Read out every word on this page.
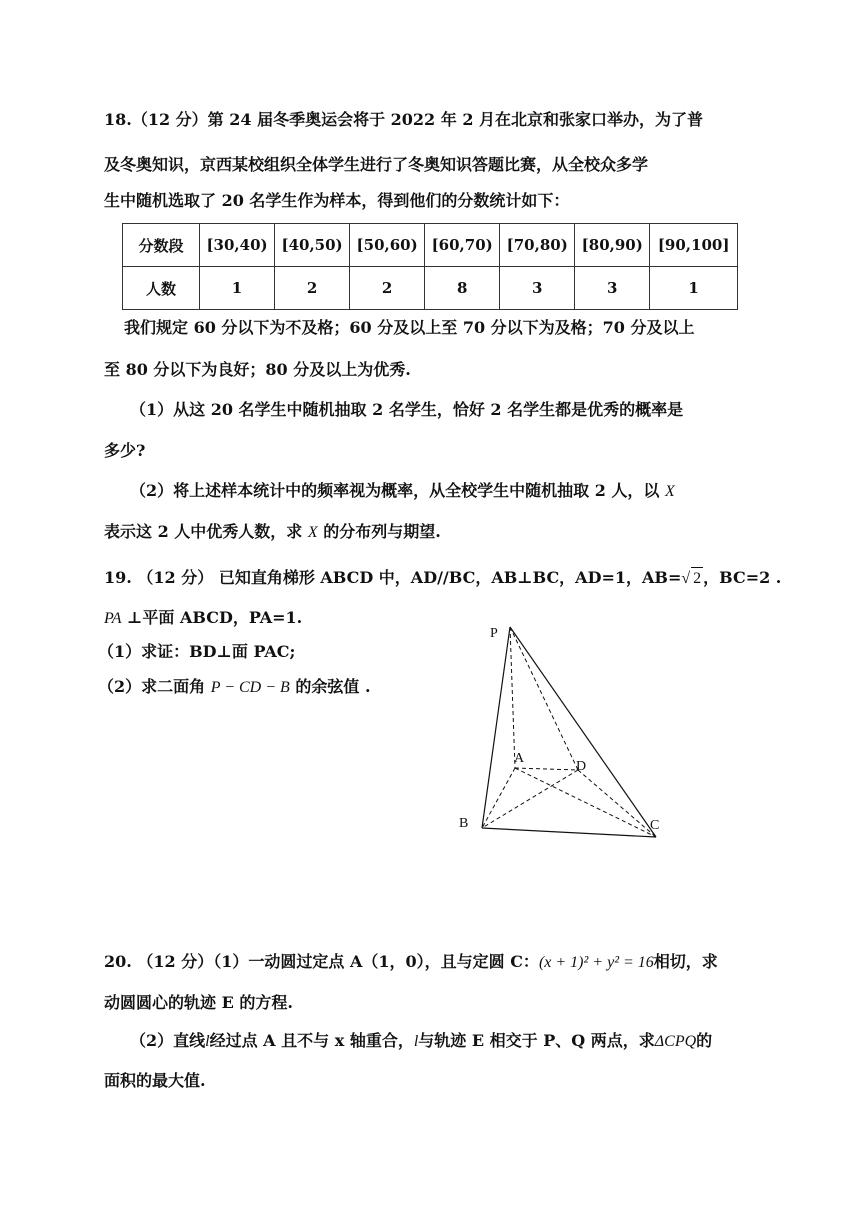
18.（12 分）第 24 届冬季奥运会将于 2022 年 2 月在北京和张家口举办，为了普
及冬奥知识，京西某校组织全体学生进行了冬奥知识答题比赛，从全校众多学
生中随机选取了 20 名学生作为样本，得到他们的分数统计如下：
分数段	[30,40)	[40,50)	[50,60)	[60,70)	[70,80)	[80,90)	[90,100]
人数	1	2	2	8	3	3	1
我们规定 60 分以下为不及格；60 分及以上至 70 分以下为及格；70 分及以上
至 80 分以下为良好；80 分及以上为优秀.
（1）从这 20 名学生中随机抽取 2 名学生，恰好 2 名学生都是优秀的概率是
多少?
（2）将上述样本统计中的频率视为概率，从全校学生中随机抽取 2 人，以 X
表示这 2 人中优秀人数，求 X 的分布列与期望.
19. （12 分） 已知直角梯形 ABCD 中，AD//BC，AB⊥BC，AD=1，AB=√ 2 ，BC=2 .
PA ⊥平面 ABCD，PA=1.
（1）求证：BD⊥面 PAC;
（2）求二面角 P − CD − B 的余弦值 .
P
A
D
B	C
20. （12 分）（1）一动圆过定点 A（1，0），且与定圆 C：(x + 1)² + y² = 16相切，求
动圆圆心的轨迹 E 的方程.
（2）直线l经过点 A 且不与 x 轴重合，l与轨迹 E 相交于 P、Q 两点，求ΔCPQ的
面积的最大值.
